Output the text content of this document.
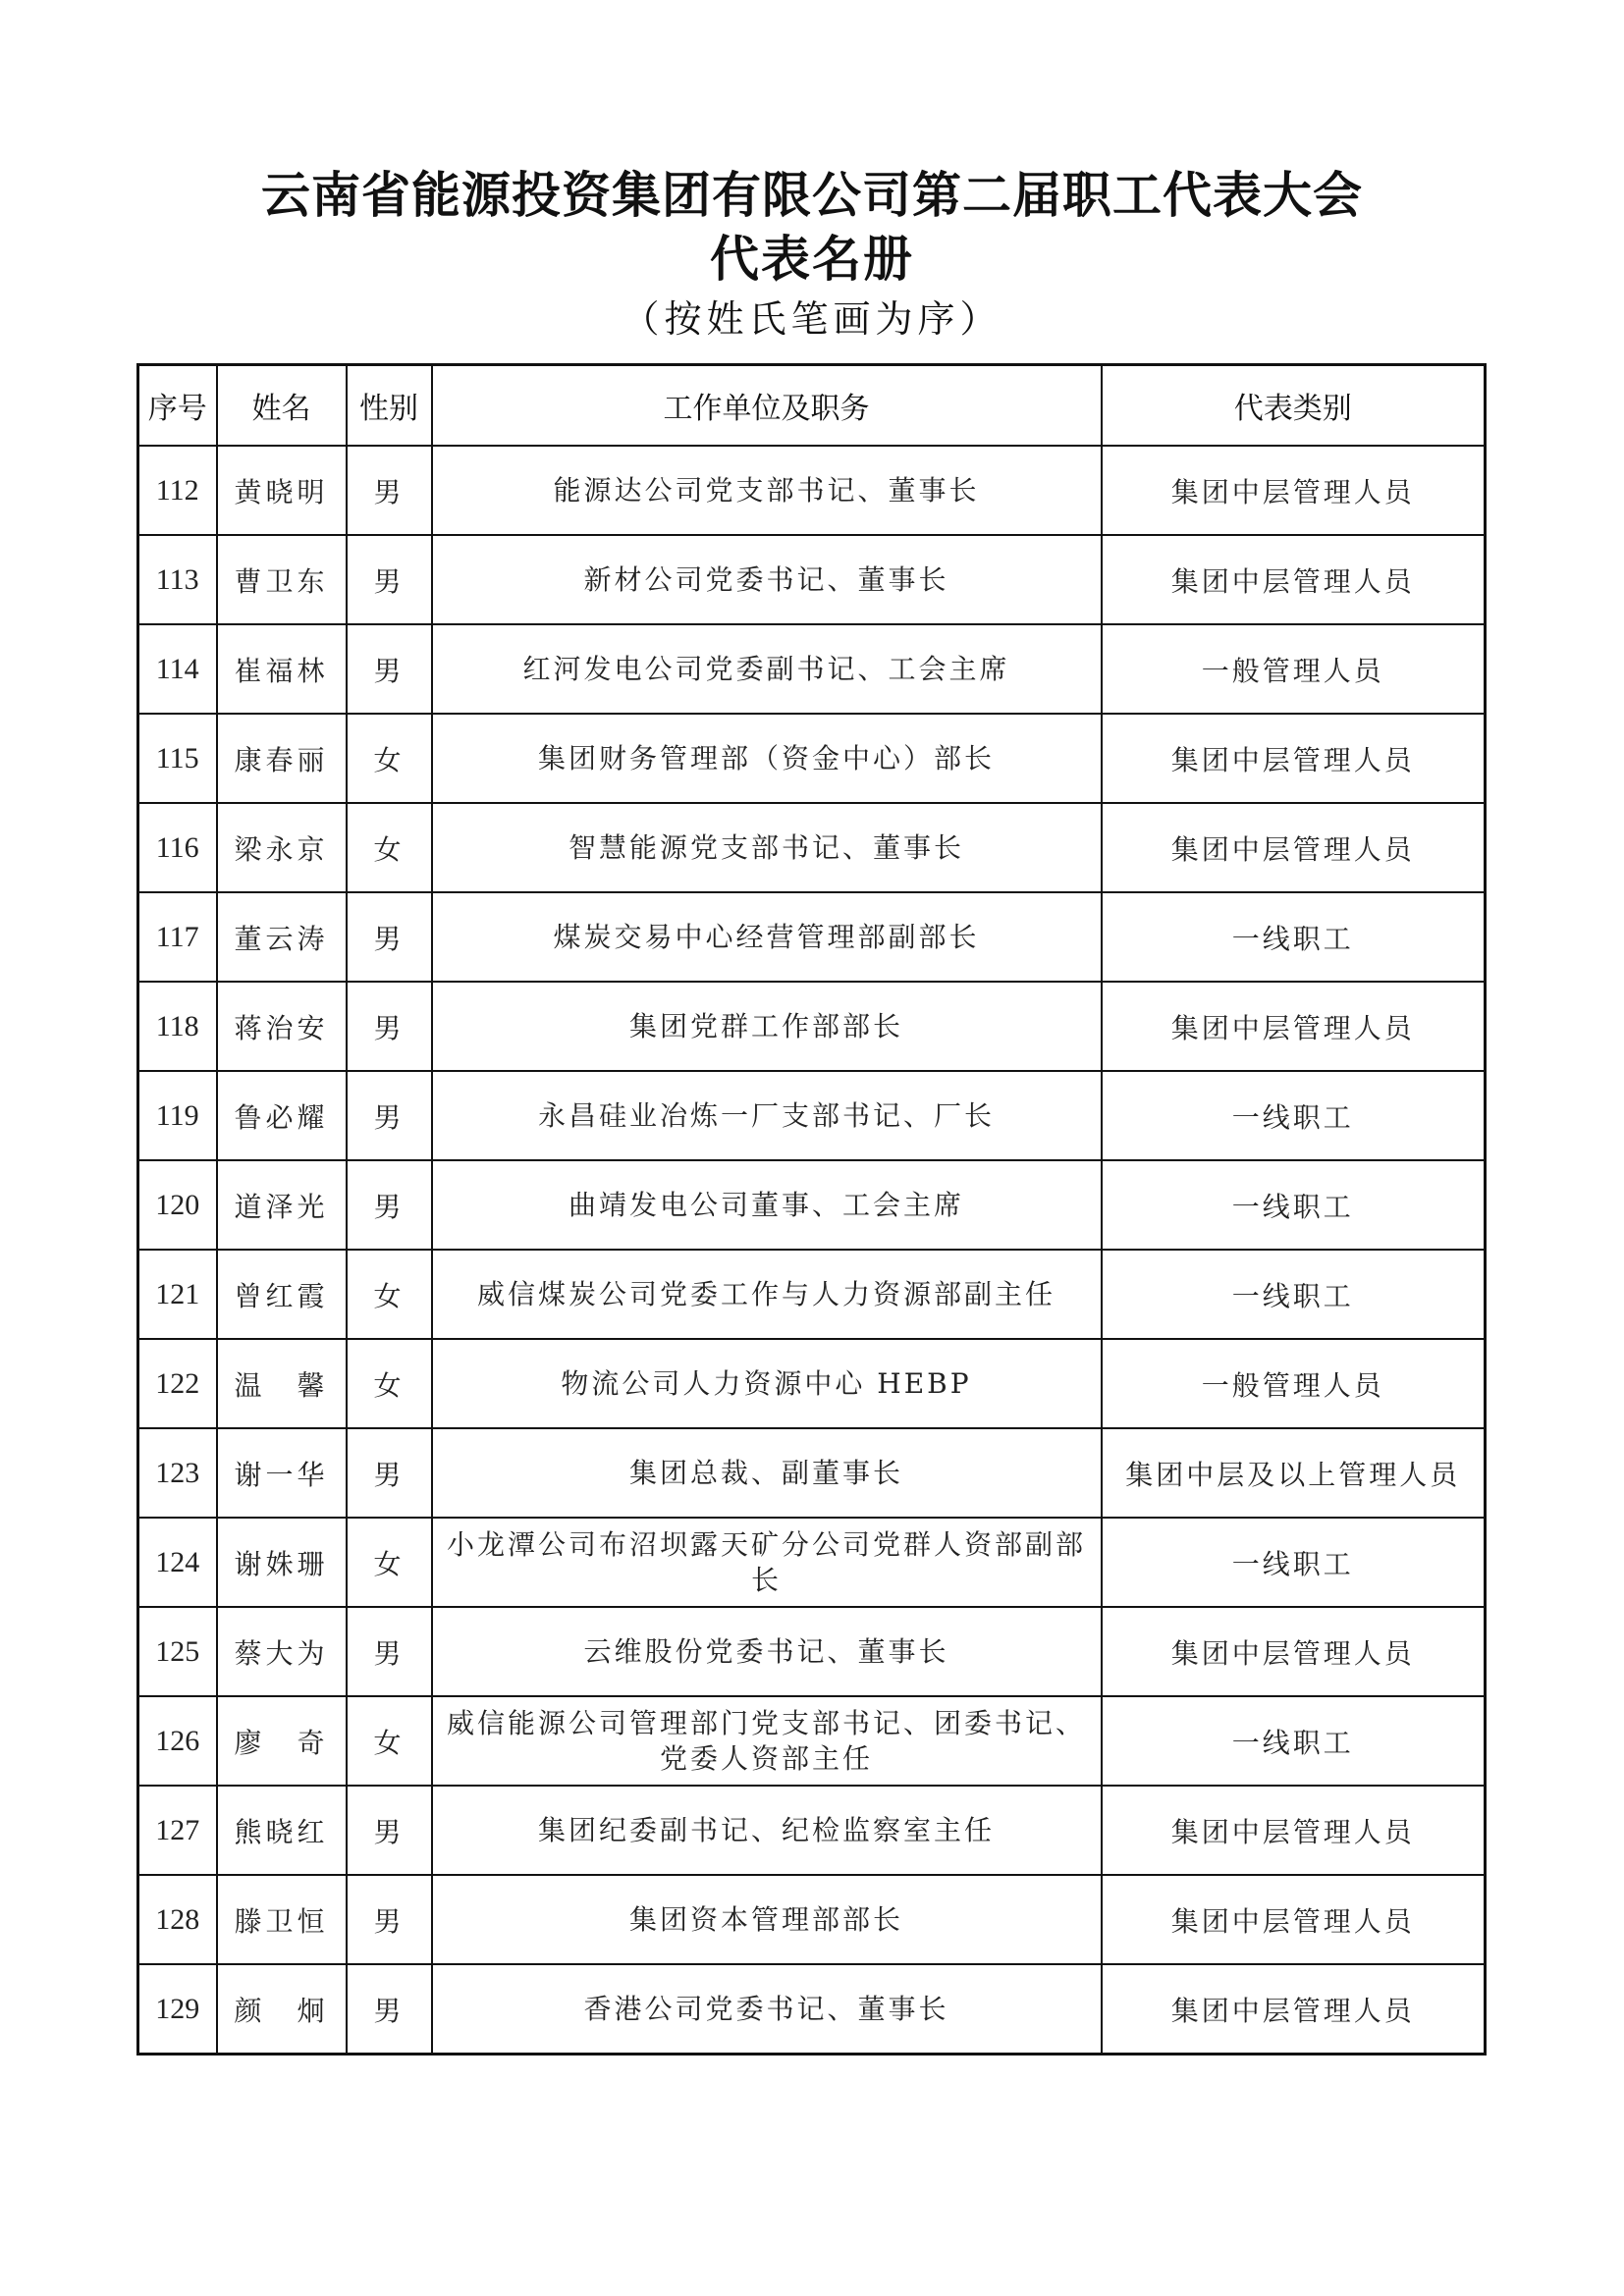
云南省能源投资集团有限公司第二届职工代表大会
代表名册
（按姓氏笔画为序）
序号	姓名	性别	工作单位及职务	代表类别
112	黄晓明	男	能源达公司党支部书记、董事长	集团中层管理人员
113	曹卫东	男	新材公司党委书记、董事长	集团中层管理人员
114	崔福林	男	红河发电公司党委副书记、工会主席	一般管理人员
115	康春丽	女	集团财务管理部（资金中心）部长	集团中层管理人员
116	梁永京	女	智慧能源党支部书记、董事长	集团中层管理人员
117	董云涛	男	煤炭交易中心经营管理部副部长	一线职工
118	蒋治安	男	集团党群工作部部长	集团中层管理人员
119	鲁必耀	男	永昌硅业冶炼一厂支部书记、厂长	一线职工
120	道泽光	男	曲靖发电公司董事、工会主席	一线职工
121	曾红霞	女	威信煤炭公司党委工作与人力资源部副主任	一线职工
122	温　馨	女	物流公司人力资源中心 HEBP	一般管理人员
123	谢一华	男	集团总裁、副董事长	集团中层及以上管理人员
124	谢姝珊	女	小龙潭公司布沼坝露天矿分公司党群人资部副部长	一线职工
125	蔡大为	男	云维股份党委书记、董事长	集团中层管理人员
126	廖　奇	女	威信能源公司管理部门党支部书记、团委书记、党委人资部主任	一线职工
127	熊晓红	男	集团纪委副书记、纪检监察室主任	集团中层管理人员
128	滕卫恒	男	集团资本管理部部长	集团中层管理人员
129	颜　炯	男	香港公司党委书记、董事长	集团中层管理人员
